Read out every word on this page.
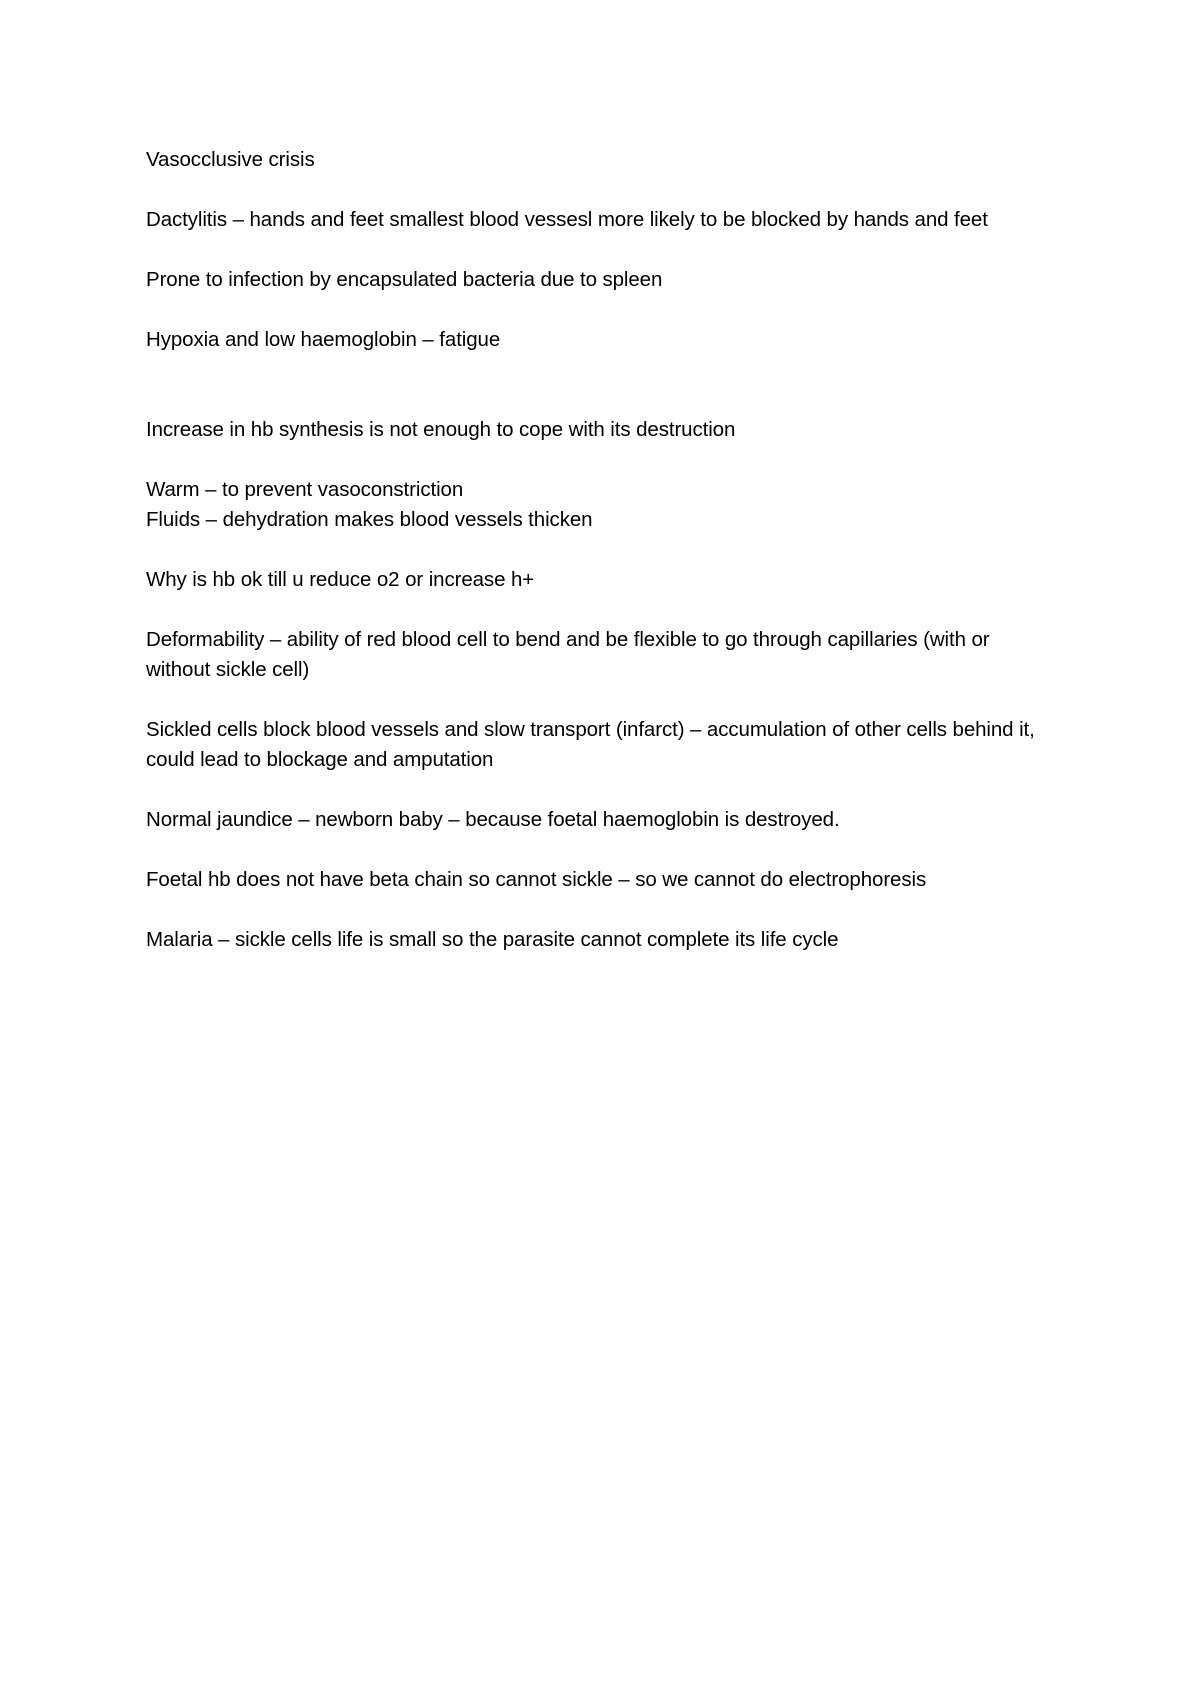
Vasocclusive crisis

Dactylitis – hands and feet smallest blood vessesl more likely to be blocked by hands and feet

Prone to infection by encapsulated bacteria due to spleen

Hypoxia and low haemoglobin – fatigue

Increase in hb synthesis is not enough to cope with its destruction

Warm – to prevent vasoconstriction

Fluids – dehydration makes blood vessels thicken

Why is hb ok till u reduce o2 or increase h+

Deformability – ability of red blood cell to bend and be flexible to go through capillaries (with or without sickle cell)

Sickled cells block blood vessels and slow transport (infarct) – accumulation of other cells behind it, could lead to blockage and amputation

Normal jaundice – newborn baby – because foetal haemoglobin is destroyed.

Foetal hb does not have beta chain so cannot sickle – so we cannot do electrophoresis

Malaria – sickle cells life is small so the parasite cannot complete its life cycle
